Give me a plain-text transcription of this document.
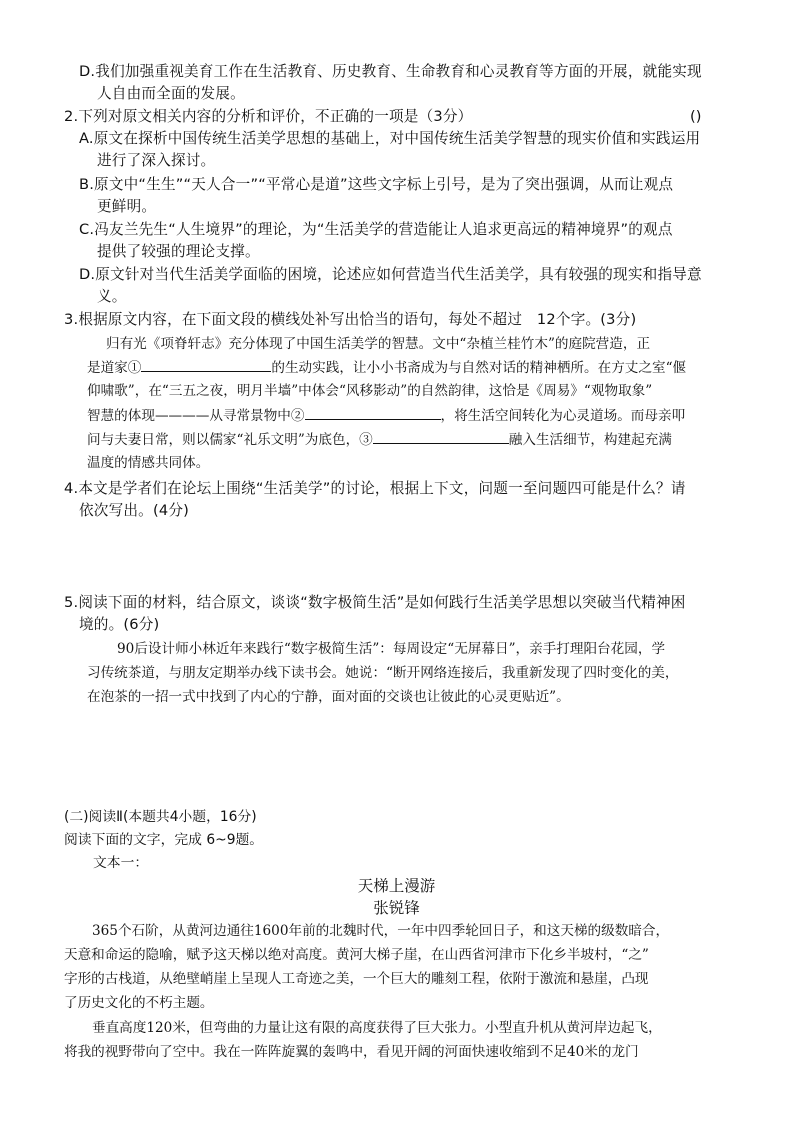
D.我们加强重视美育工作在生活教育、历史教育、生命教育和心灵教育等方面的开展，就能实现
人自由而全面的发展。
2.下列对原文相关内容的分析和评价，不正确的一项是（3分）	()
A.原文在探析中国传统生活美学思想的基础上，对中国传统生活美学智慧的现实价值和实践运用
进行了深入探讨。
B.原文中“生生”“天人合一”“平常心是道”这些文字标上引号，是为了突出强调，从而让观点
更鲜明。
C.冯友兰先生“人生境界”的理论，为“生活美学的营造能让人追求更高远的精神境界”的观点
提供了较强的理论支撑。
D.原文针对当代生活美学面临的困境，论述应如何营造当代生活美学，具有较强的现实和指导意
义。
3.根据原文内容，在下面文段的横线处补写出恰当的语句，每处不超过　12个字。(3分)
归有光《项脊轩志》充分体现了中国生活美学的智慧。文中“杂植兰桂竹木”的庭院营造，正
是道家①	的生动实践，让小小书斋成为与自然对话的精神栖所。在方丈之室“偃
仰啸歌”，在“三五之夜，明月半墙”中体会“风移影动”的自然韵律，这恰是《周易》“观物取象”
智慧的体现————从寻常景物中②	，将生活空间转化为心灵道场。而母亲叩
问与夫妻日常，则以儒家“礼乐文明”为底色，③	融入生活细节，构建起充满
温度的情感共同体。
4.本文是学者们在论坛上围绕“生活美学”的讨论，根据上下文，问题一至问题四可能是什么？请
依次写出。(4分)
5.阅读下面的材料，结合原文，谈谈“数字极简生活”是如何践行生活美学思想以突破当代精神困
境的。(6分)
90后设计师小林近年来践行“数字极简生活”：每周设定“无屏幕日”，亲手打理阳台花园，学
习传统茶道，与朋友定期举办线下读书会。她说：“断开网络连接后，我重新发现了四时变化的美，
在泡茶的一招一式中找到了内心的宁静，面对面的交谈也让彼此的心灵更贴近”。
(二)阅读Ⅱ(本题共4小题，16分)
阅读下面的文字，完成 6~9题。
文本一：
天梯上漫游
张锐锋
365个石阶，从黄河边通往1600年前的北魏时代，一年中四季轮回日子，和这天梯的级数暗合，
天意和命运的隐喻，赋予这天梯以绝对高度。黄河大梯子崖，在山西省河津市下化乡半坡村，“之”
字形的古栈道，从绝壁峭崖上呈现人工奇迹之美，一个巨大的雕刻工程，依附于激流和悬崖，凸现
了历史文化的不朽主题。
垂直高度120米，但弯曲的力量让这有限的高度获得了巨大张力。小型直升机从黄河岸边起飞，
将我的视野带向了空中。我在一阵阵旋翼的轰鸣中，看见开阔的河面快速收缩到不足40米的龙门
